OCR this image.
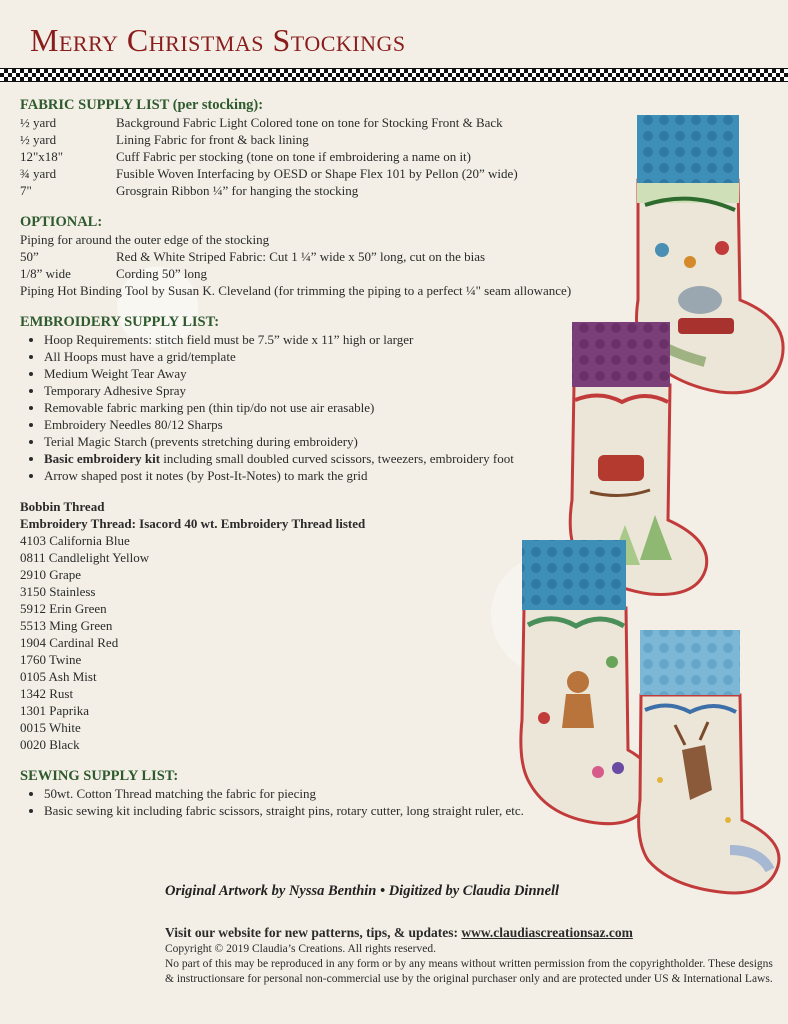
Merry Christmas Stockings

FABRIC SUPPLY LIST (per stocking):

½ yard	Background Fabric Light Colored tone on tone for Stocking Front & Back
½ yard	Lining Fabric for front & back lining
12"x18"	Cuff Fabric per stocking (tone on tone if embroidering a name on it)
¾ yard	Fusible Woven Interfacing by OESD or Shape Flex 101 by Pellon (20” wide)
7"	Grosgrain Ribbon ¼” for hanging the stocking

OPTIONAL:

Piping for around the outer edge of the stocking
50”	Red & White Striped Fabric: Cut 1 ¼” wide x 50” long, cut on the bias
1/8” wide	Cording 50” long
Piping Hot Binding Tool by Susan K. Cleveland (for trimming the piping to a perfect ¼" seam allowance)

EMBROIDERY SUPPLY LIST:

• Hoop Requirements: stitch field must be 7.5” wide x 11” high or larger
• All Hoops must have a grid/template
• Medium Weight Tear Away
• Temporary Adhesive Spray
• Removable fabric marking pen (thin tip/do not use air erasable)
• Embroidery Needles 80/12 Sharps
• Terial Magic Starch (prevents stretching during embroidery)
• Basic embroidery kit including small doubled curved scissors, tweezers, embroidery foot
• Arrow shaped post it notes (by Post-It-Notes) to mark the grid
Bobbin Thread
Embroidery Thread: Isacord 40 wt. Embroidery Thread listed
4103 California Blue
0811 Candlelight Yellow
2910 Grape
3150 Stainless
5912 Erin Green
5513 Ming Green
1904 Cardinal Red
1760 Twine
0105 Ash Mist
1342 Rust
1301 Paprika
0015 White
0020 Black

SEWING SUPPLY LIST:

• 50wt. Cotton Thread matching the fabric for piecing
• Basic sewing kit including fabric scissors, straight pins, rotary cutter, long straight ruler, etc.
Original Artwork by Nyssa Benthin • Digitized by Claudia Dinnell
Visit our website for new patterns, tips, & updates: www.claudiascreationsaz.com
Copyright © 2019 Claudia’s Creations. All rights reserved.
No part of this may be reproduced in any form or by any means without written permission from the copyrightholder. These designs & instructionsare for personal non-commercial use by the original purchaser only and are protected under US & International Laws.
